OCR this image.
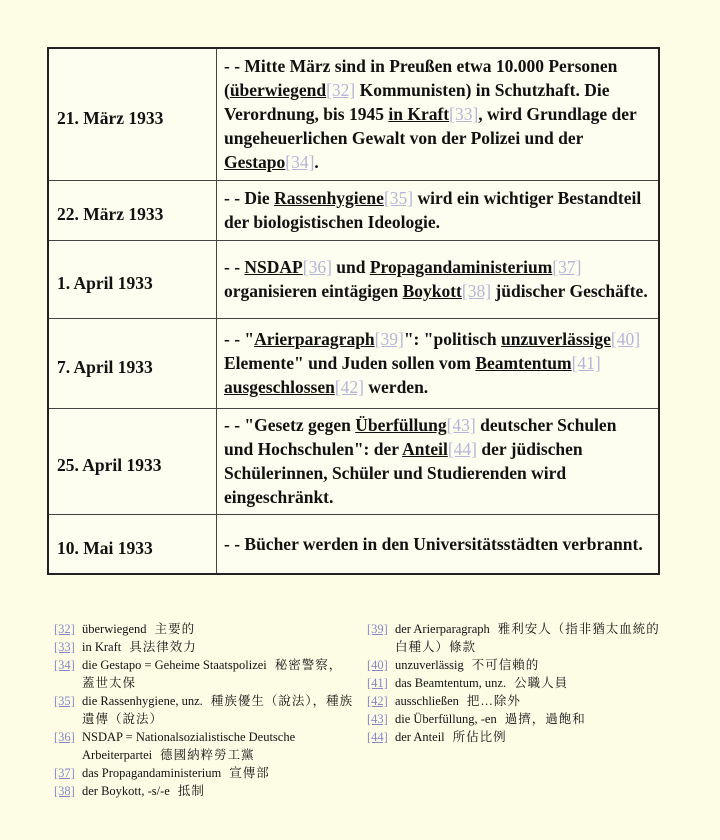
21. März 1933	- - Mitte März sind in Preußen etwa 10.000 Personen (überwiegend[32] Kommunisten) in Schutzhaft. Die Verordnung, bis 1945 in Kraft[33], wird Grundlage der ungeheuerlichen Gewalt von der Polizei und der Gestapo[34].
22. März 1933	- - Die Rassenhygiene[35] wird ein wichtiger Bestandteil der biologistischen Ideologie.
1. April 1933	- - NSDAP[36] und Propagandaministerium[37] organisieren eintägigen Boykott[38] jüdischer Geschäfte.
7. April 1933	- - "Arierparagraph[39]": "politisch unzuverlässige[40] Elemente" und Juden sollen vom Beamtentum[41] ausgeschlossen[42] werden.
25. April 1933	- - "Gesetz gegen Überfüllung[43] deutscher Schulen und Hochschulen": der Anteil[44] der jüdischen Schülerinnen, Schüler und Studierenden wird eingeschränkt.
10. Mai 1933	- - Bücher werden in den Universitätsstädten verbrannt.
[32] überwiegend 主要的
[33] in Kraft 具法律效力
[34] die Gestapo = Geheime Staatspolizei 秘密警察，蓋世太保
[35] die Rassenhygiene, unz. 種族優生（說法），種族遺傳（說法）
[36] NSDAP = Nationalsozialistische Deutsche Arbeiterpartei 德國納粹勞工黨
[37] das Propagandaministerium 宣傳部
[38] der Boykott, -s/-e 抵制
[39] der Arierparagraph 雅利安人（指非猶太血統的白種人）條款
[40] unzuverlässig 不可信賴的
[41] das Beamtentum, unz. 公職人員
[42] ausschließen 把…除外
[43] die Überfüllung, -en 過擠，過飽和
[44] der Anteil 所佔比例
